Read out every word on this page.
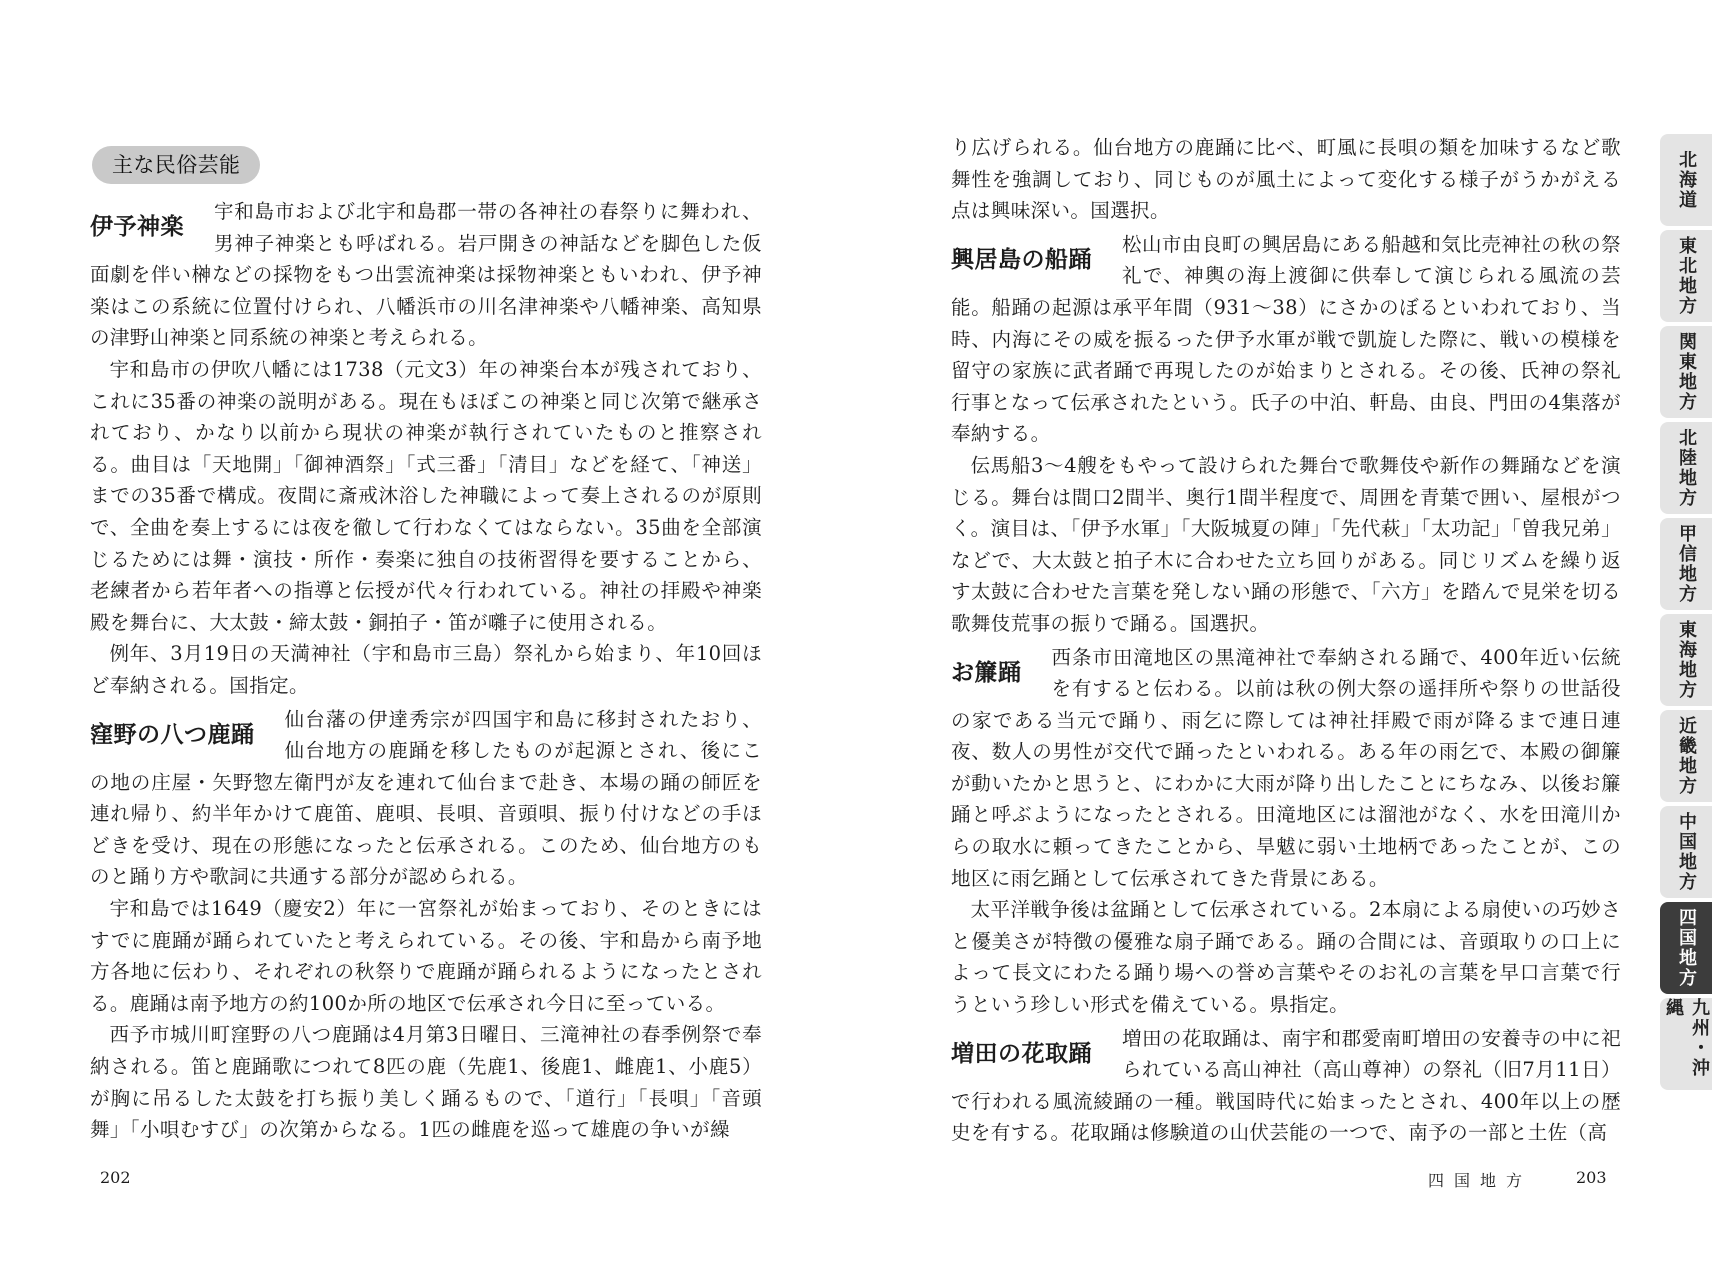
主な民俗芸能
伊予神楽

宇和島市および北宇和島郡一帯の各神社の春祭りに舞われ、男神子神楽とも呼ばれる。岩戸開きの神話などを脚色した仮面劇を伴い榊などの採物をもつ出雲流神楽は採物神楽ともいわれ、伊予神楽はこの系統に位置付けられ、八幡浜市の川名津神楽や八幡神楽、高知県の津野山神楽と同系統の神楽と考えられる。

宇和島市の伊吹八幡には1738（元文3）年の神楽台本が残されており、これに35番の神楽の説明がある。現在もほぼこの神楽と同じ次第で継承されており、かなり以前から現状の神楽が執行されていたものと推察される。曲目は「天地開」「御神酒祭」「式三番」「清目」などを経て、「神送」までの35番で構成。夜間に斎戒沐浴した神職によって奏上されるのが原則で、全曲を奏上するには夜を徹して行わなくてはならない。35曲を全部演じるためには舞・演技・所作・奏楽に独自の技術習得を要することから、老練者から若年者への指導と伝授が代々行われている。神社の拝殿や神楽殿を舞台に、大太鼓・締太鼓・銅拍子・笛が囃子に使用される。

例年、3月19日の天満神社（宇和島市三島）祭礼から始まり、年10回ほど奉納される。国指定。

窪野の八つ鹿踊

仙台藩の伊達秀宗が四国宇和島に移封されたおり、仙台地方の鹿踊を移したものが起源とされ、後にこの地の庄屋・矢野惣左衛門が友を連れて仙台まで赴き、本場の踊の師匠を連れ帰り、約半年かけて鹿笛、鹿唄、長唄、音頭唄、振り付けなどの手ほどきを受け、現在の形態になったと伝承される。このため、仙台地方のものと踊り方や歌詞に共通する部分が認められる。

宇和島では1649（慶安2）年に一宮祭礼が始まっており、そのときにはすでに鹿踊が踊られていたと考えられている。その後、宇和島から南予地方各地に伝わり、それぞれの秋祭りで鹿踊が踊られるようになったとされる。鹿踊は南予地方の約100か所の地区で伝承され今日に至っている。

西予市城川町窪野の八つ鹿踊は4月第3日曜日、三滝神社の春季例祭で奉納される。笛と鹿踊歌につれて8匹の鹿（先鹿1、後鹿1、雌鹿1、小鹿5）が胸に吊るした太鼓を打ち振り美しく踊るもので、「道行」「長唄」「音頭舞」「小唄むすび」の次第からなる。1匹の雌鹿を巡って雄鹿の争いが繰

202

り広げられる。仙台地方の鹿踊に比べ、町風に長唄の類を加味するなど歌舞性を強調しており、同じものが風土によって変化する様子がうかがえる点は興味深い。国選択。

興居島の船踊

松山市由良町の興居島にある船越和気比売神社の秋の祭礼で、神輿の海上渡御に供奉して演じられる風流の芸能。船踊の起源は承平年間（931～38）にさかのぼるといわれており、当時、内海にその威を振るった伊予水軍が戦で凱旋した際に、戦いの模様を留守の家族に武者踊で再現したのが始まりとされる。その後、氏神の祭礼行事となって伝承されたという。氏子の中泊、軒島、由良、門田の4集落が奉納する。

伝馬船3～4艘をもやって設けられた舞台で歌舞伎や新作の舞踊などを演じる。舞台は間口2間半、奥行1間半程度で、周囲を青葉で囲い、屋根がつく。演目は、「伊予水軍」「大阪城夏の陣」「先代萩」「太功記」「曽我兄弟」などで、大太鼓と拍子木に合わせた立ち回りがある。同じリズムを繰り返す太鼓に合わせた言葉を発しない踊の形態で、「六方」を踏んで見栄を切る歌舞伎荒事の振りで踊る。国選択。

お簾踊

西条市田滝地区の黒滝神社で奉納される踊で、400年近い伝統を有すると伝わる。以前は秋の例大祭の遥拝所や祭りの世話役の家である当元で踊り、雨乞に際しては神社拝殿で雨が降るまで連日連夜、数人の男性が交代で踊ったといわれる。ある年の雨乞で、本殿の御簾が動いたかと思うと、にわかに大雨が降り出したことにちなみ、以後お簾踊と呼ぶようになったとされる。田滝地区には溜池がなく、水を田滝川からの取水に頼ってきたことから、旱魃に弱い土地柄であったことが、この地区に雨乞踊として伝承されてきた背景にある。

太平洋戦争後は盆踊として伝承されている。2本扇による扇使いの巧妙さと優美さが特徴の優雅な扇子踊である。踊の合間には、音頭取りの口上によって長文にわたる踊り場への誉め言葉やそのお礼の言葉を早口言葉で行うという珍しい形式を備えている。県指定。

増田の花取踊

増田の花取踊は、南宇和郡愛南町増田の安養寺の中に祀られている高山神社（高山尊神）の祭礼（旧7月11日）で行われる風流綾踊の一種。戦国時代に始まったとされ、400年以上の歴史を有する。花取踊は修験道の山伏芸能の一つで、南予の一部と土佐（高

四国地方	203
北海道
東北地方
関東地方
北陸地方
甲信地方
東海地方
近畿地方
中国地方
四国地方
九州・沖縄
